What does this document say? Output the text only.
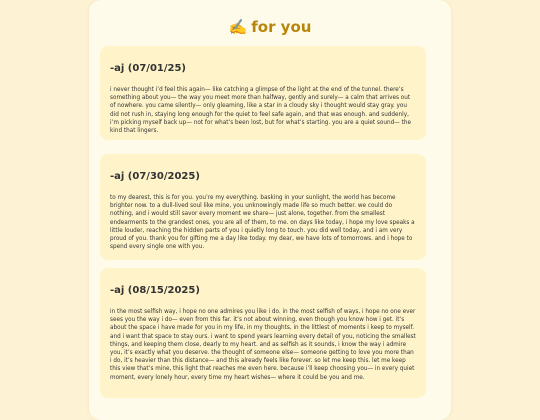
✍️ for you
-aj (07/01/25)

i never thought i’d feel this again— like catching a glimpse of the light at the end of the tunnel. there’s something about you— the way you meet more than halfway, gently and surely— a calm that arrives out of nowhere. you came silently— only gleaming, like a star in a cloudy sky i thought would stay gray. you did not rush in, staying long enough for the quiet to feel safe again, and that was enough. and suddenly, i’m picking myself back up— not for what’s been lost, but for what’s starting. you are a quiet sound— the kind that lingers.

-aj (07/30/2025)

to my dearest, this is for you. you’re my everything. basking in your sunlight, the world has become brighter now. to a dull-lived soul like mine, you unknowingly made life so much better. we could do nothing, and i would still savor every moment we share— just alone, together. from the smallest endearments to the grandest ones, you are all of them, to me. on days like today, i hope my love speaks a little louder, reaching the hidden parts of you i quietly long to touch. you did well today, and i am very proud of you. thank you for gifting me a day like today. my dear, we have lots of tomorrows. and i hope to spend every single one with you.

-aj (08/15/2025)

in the most selfish way, i hope no one admires you like i do. in the most selfish of ways, i hope no one ever sees you the way i do— even from this far. it’s not about winning, even though you know how i get. it’s about the space i have made for you in my life, in my thoughts, in the littlest of moments i keep to myself. and i want that space to stay ours. i want to spend years learning every detail of you, noticing the smallest things, and keeping them close, dearly to my heart. and as selfish as it sounds, i know the way i admire you, it’s exactly what you deserve. the thought of someone else— someone getting to love you more than i do, it’s heavier than this distance— and this already feels like forever. so let me keep this. let me keep this view that’s mine, this light that reaches me even here. because i’ll keep choosing you— in every quiet moment, every lonely hour, every time my heart wishes— where it could be you and me.
